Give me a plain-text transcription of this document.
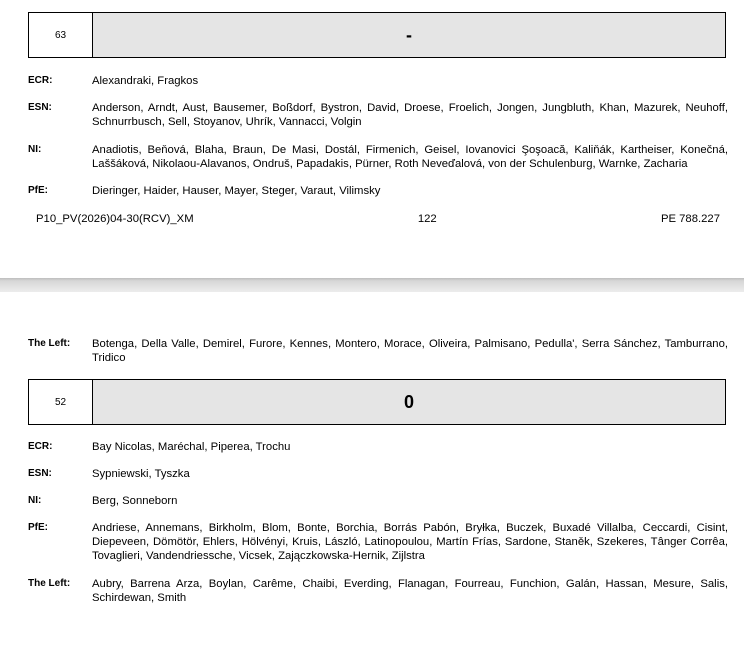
63	-
ECR:	Alexandraki, Fragkos
ESN:	Anderson, Arndt, Aust, Bausemer, Boßdorf, Bystron, David, Droese, Froelich, Jongen, Jungbluth, Khan, Mazurek, Neuhoff, Schnurrbusch, Sell, Stoyanov, Uhrík, Vannacci, Volgin
NI:	Anadiotis, Beňová, Blaha, Braun, De Masi, Dostál, Firmenich, Geisel, Iovanovici Şoşoacă, Kaliňák, Kartheiser, Konečná, Laššáková, Nikolaou-Alavanos, Ondruš, Papadakis, Pürner, Roth Neveďalová, von der Schulenburg, Warnke, Zacharia
PfE:	Dieringer, Haider, Hauser, Mayer, Steger, Varaut, Vilimsky
P10_PV(2026)04-30(RCV)_XM	122	PE 788.227
The Left:	Botenga, Della Valle, Demirel, Furore, Kennes, Montero, Morace, Oliveira, Palmisano, Pedulla', Serra Sánchez, Tamburrano, Tridico
52	0
ECR:	Bay Nicolas, Maréchal, Piperea, Trochu
ESN:	Sypniewski, Tyszka
NI:	Berg, Sonneborn
PfE:	Andriese, Annemans, Birkholm, Blom, Bonte, Borchia, Borrás Pabón, Bryłka, Buczek, Buxadé Villalba, Ceccardi, Cisint, Diepeveen, Dömötör, Ehlers, Hölvényi, Kruis, László, Latinopoulou, Martín Frías, Sardone, Staněk, Szekeres, Tânger Corrêa, Tovaglieri, Vandendriessche, Vicsek, Zajączkowska-Hernik, Zijlstra
The Left:	Aubry, Barrena Arza, Boylan, Carême, Chaibi, Everding, Flanagan, Fourreau, Funchion, Galán, Hassan, Mesure, Salis, Schirdewan, Smith
